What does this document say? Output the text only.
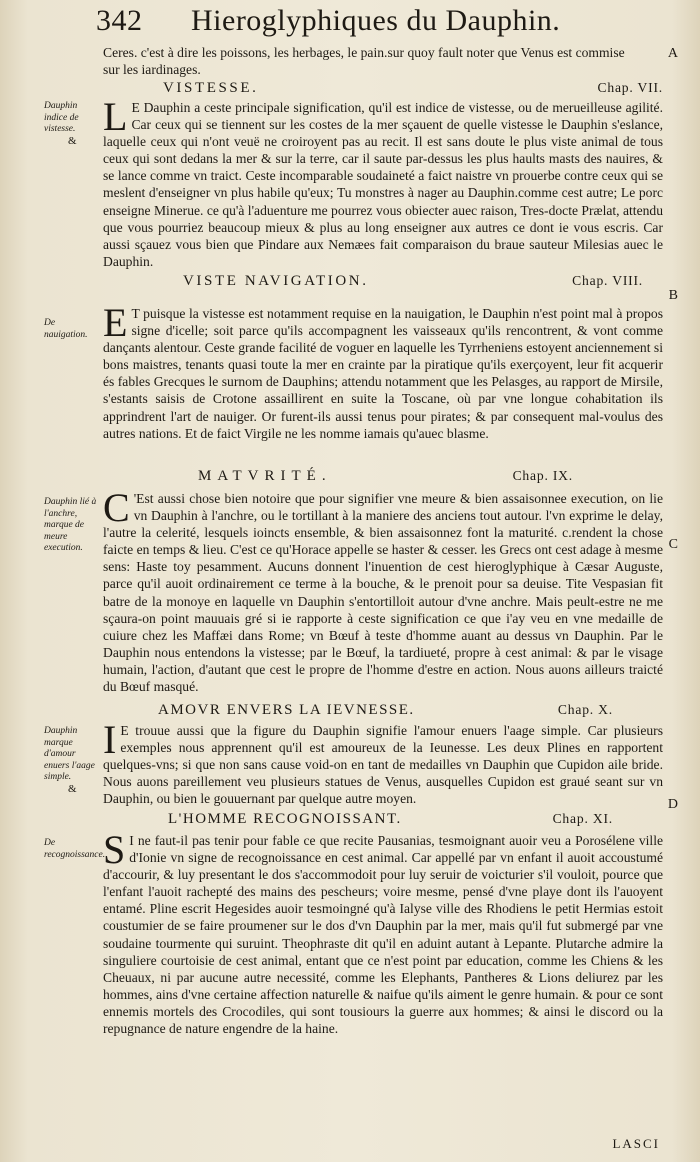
342 Hieroglyphiques du Dauphin.

Ceres. c'est à dire les poissons, les herbages, le pain.sur quoy fault noter que Venus est commise

sur les iardinages.

A
VISTESSE.	Chap. VII.
Dauphin indice de vistesse.
&

L E Dauphin a ceste principale signification, qu'il est indice de vistesse, ou de merueilleuse agilité. Car ceux qui se tiennent sur les costes de la mer sçauent de quelle vistesse le Dauphin s'eslance, laquelle ceux qui n'ont veuë ne croiroyent pas au recit. Il est sans doute le plus viste animal de tous ceux qui sont dedans la mer & sur la terre, car il saute par-dessus les plus haults masts des nauires, & se lance comme vn traict. Ceste incomparable soudaineté a faict naistre vn prouerbe contre ceux qui se meslent d'enseigner vn plus habile qu'eux; Tu monstres à nager au Dauphin.comme cest autre; Le porc enseigne Minerue. ce qu'à l'aduenture me pourrez vous obiecter auec raison, Tres-docte Prælat, attendu que vous pourriez beaucoup mieux & plus au long enseigner aux autres ce dont ie vous escris. Car aussi sçauez vous bien que Pindare aux Nemæes fait comparaison du braue sauteur Milesias auec le Dauphin.

VISTE NAVIGATION.	Chap. VIII.
B
De nauigation. E T puisque la vistesse est notamment requise en la nauigation, le Dauphin n'est point mal à propos signe d'icelle; soit parce qu'ils accompagnent les vaisseaux qu'ils rencontrent, & vont comme dançants alentour. Ceste grande facilité de voguer en laquelle les Tyrrheniens estoyent anciennement si bons maistres, tenants quasi toute la mer en crainte par la piratique qu'ils exerçoyent, leur fit acquerir és fables Grecques le surnom de Dauphins; attendu notamment que les Pelasges, au rapport de Mirsile, s'estants saisis de Crotone assaillirent en suite la Toscane, où par vne longue cohabitation ils apprindrent l'art de nauiger. Or furent-ils aussi tenus pour pirates; & par consequent mal-voulus des autres nations. Et de faict Virgile ne les nomme iamais qu'auec blasme.

MATVRITÉ.	Chap. IX.
Dauphin lié à l'anchre, marque de meure execution.

C 'Est aussi chose bien notoire que pour signifier vne meure & bien assaisonnee execution, on lie vn Dauphin à l'anchre, ou le tortillant à la maniere des anciens tout autour. l'vn exprime le delay, l'autre la celerité, lesquels ioincts ensemble, & bien assaisonnez font la maturité. c.rendent la chose faicte en temps & lieu. C'est ce qu'Horace appelle se haster & cesser. les Grecs ont cest adage à mesme sens: Haste toy pesamment. Aucuns donnent l'inuention de cest hieroglyphique à Cæsar Auguste, parce qu'il auoit ordinairement ce terme à la bouche, & le prenoit pour sa deuise. Tite Vespasian fit batre de la monoye en laquelle vn Dauphin s'entortilloit autour d'vne anchre. Mais peult-estre ne me sçaura-on point mauuais gré si ie rapporte à ceste signification ce que i'ay veu en vne medaille de cuiure chez les Maffæi dans Rome; vn Bœuf à teste d'homme auant au dessus vn Dauphin. Par le Dauphin nous entendons la vistesse; par le Bœuf, la tardiueté, propre à cest animal: & par le visage humain, l'action, d'autant que cest le propre de l'homme d'estre en action. Nous auons ailleurs traicté du Bœuf masqué.

C
AMOVR ENVERS LA IEVNESSE.	Chap. X.
Dauphin marque d'amour enuers l'aage simple.
&

I E trouue aussi que la figure du Dauphin signifie l'amour enuers l'aage simple. Car plusieurs exemples nous apprennent qu'il est amoureux de la Ieunesse. Les deux Plines en rapportent quelques-vns; si que non sans cause void-on en tant de medailles vn Dauphin que Cupidon aile bride. Nous auons pareillement veu plusieurs statues de Venus, ausquelles Cupidon est graué seant sur vn Dauphin, ou bien le gouuernant par quelque autre moyen.	D
L'HOMME RECOGNOISSANT.	Chap. XI.
De recognoissance.

S I ne faut-il pas tenir pour fable ce que recite Pausanias, tesmoignant auoir veu a Porosélene ville d'Ionie vn signe de recognoissance en cest animal. Car appellé par vn enfant il auoit accoustumé d'accourir, & luy presentant le dos s'accommodoit pour luy seruir de voicturier s'il vouloit, pource que l'enfant l'auoit rachepté des mains des pescheurs; voire mesme, pensé d'vne playe dont ils l'auoyent entamé. Pline escrit Hegesides auoir tesmoingné qu'à Ialyse ville des Rhodiens le petit Hermias estoit coustumier de se faire proumener sur le dos d'vn Dauphin par la mer, mais qu'il fut submergé par vne soudaine tourmente qui suruint. Theophraste dit qu'il en aduint autant à Lepante. Plutarche admire la singuliere courtoisie de cest animal, entant que ce n'est point par education, comme les Chiens & les Cheuaux, ni par aucune autre necessité, comme les Elephants, Pantheres & Lions deliurez par les hommes, ains d'vne certaine affection naturelle & naifue qu'ils aiment le genre humain. & pour ce sont ennemis mortels des Crocodiles, qui sont tousiours la guerre aux hommes; & ainsi le discord ou la repugnance de nature engendre de la haine.

LASCI
